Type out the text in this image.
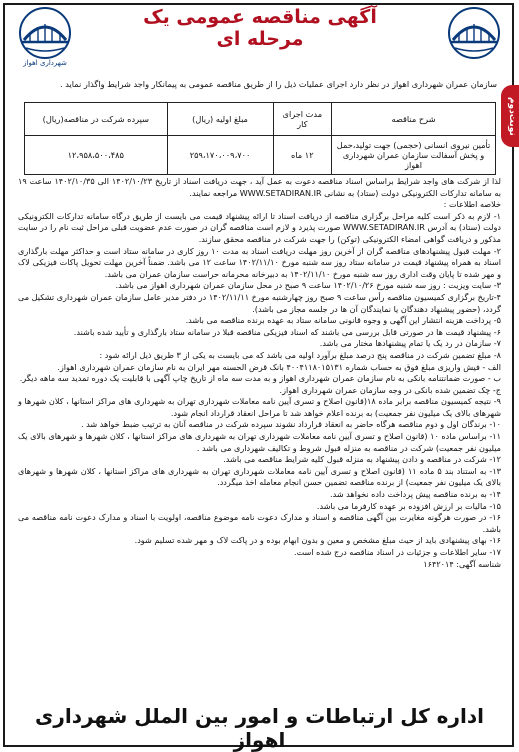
شهرداری اهواز
آگهی مناقصه عمومی یک مرحله ای
نوبت‌دوم
سازمان عمران شهرداری اهواز در نظر دارد اجرای عملیات ذیل را از طریق مناقصه عمومی به پیمانکار واجد شرایط واگذار نماید .
شرح مناقصه	مدت اجرای کار	مبلغ اولیه (ریال)	سپرده شرکت در مناقصه(ریال)
تأمین نیروی انسانی (حجمی) جهت تولید،حمل و پخش آسفالت سازمان عمران شهرداری اهواز	۱۲ ماه	۲۵۹،۱۷۰،۰۰۹،۷۰۰	۱۲،۹۵۸،۵۰۰،۴۸۵

لذا از شرکت های واجد شرایط براساس اسناد مناقصه دعوت به عمل آید ، جهت دریافت اسناد از تاریخ ۱۴۰۲/۱۰/۲۳ الی ۱۴۰۲/۱۰/۳۵ ساعت ۱۹ به سامانه تدارکات الکترونیکی دولت (ستاد) به نشانی WWW.SETADIRAN.IR مراجعه نمایند.

خلاصه اطلاعات :

۱- لازم به ذکر است کلیه مراحل برگزاری مناقصه از دریافت اسناد تا ارائه پیشنهاد قیمت می بایست از طریق درگاه سامانه تدارکات الکترونیکی دولت (ستاد) به آدرس WWW.SETADIRAN.IR صورت پذیرد و لازم است مناقصه گران در صورت عدم عضویت قبلی مراحل ثبت نام را در سایت مذکور و دریافت گواهی امضاء الکترونیکی (توکن) را جهت شرکت در مناقصه محقق سازند.

۲- مهلت قبول پیشنهادهای مناقصه گران از آخرین روز مهلت دریافت اسناد به مدت ۱۰ روز کاری در سامانه ستاد است و حداکثر مهلت بارگذاری اسناد به همراه پیشنهاد قیمت در سامانه ستاد روز سه شنبه مورخ ۱۴۰۲/۱۱/۱۰ ساعت ۱۲ می باشد. ضمناً آخرین مهلت تحویل پاکات فیزیکی لاک و مهر شده تا پایان وقت اداری روز سه شنبه مورخ ۱۴۰۲/۱۱/۱۰ به دبیرخانه محرمانه حراست سازمان عمران می باشد.

۳- سایت ویزیت : روز سه شنبه مورخ ۱۴۰۲/۱۰/۲۶ ساعت ۹ صبح در محل سازمان عمران شهرداری اهواز می باشد.

۴-تاریخ برگزاری کمیسیون مناقصه رأس ساعت ۹ صبح روز چهارشنبه مورخ ۱۴۰۲/۱۱/۱۱ در دفتر مدیر عامل سازمان عمران شهرداری تشکیل می گردد، (حضور پیشنهاد دهندگان یا نمایندگان آن ها در جلسه مجاز می باشد).

۵- پرداخت هزینه انتشار این آگهی و وجوه قانونی سامانه ستاد به عهده برنده مناقصه می باشد.

۶- پیشنهاد قیمت ها در صورتی قابل بررسی می باشند که اسناد فیزیکی مناقصه قبلا در سامانه ستاد بارگذاری و تأیید شده باشند.

۷- سازمان در رد یک یا تمام پیشنهادها مختار می باشد.

۸- مبلغ تضمین شرکت در مناقصه پنج درصد مبلغ برآورد اولیه می باشد که می بایست به یکی از ۳ طریق ذیل ارائه شود :

الف - فیش واریزی مبلغ فوق به حساب شماره ۴۰۰۴۱۱۸۰۱۵۱۳۱ بانک قرض الحسنه مهر ایران به نام سازمان عمران شهرداری اهواز.

ب - صورت ضمانتنامه بانکی به نام سازمان عمران شهرداری اهواز و به مدت سه ماه از تاریخ چاپ آگهی با قابلیت یک دوره تمدید سه ماهه دیگر.

ج- چک تضمین شده بانکی در وجه سازمان عمران شهرداری اهواز.

۹- نتیجه کمیسیون مناقصه برابر ماده ۱۸(قانون اصلاح و تسری آیین نامه معاملات شهرداری تهران به شهرداری های مراکز استانها ، کلان شهرها و شهرهای بالای یک میلیون نفر جمعیت) به برنده اعلام خواهد شد تا مراحل انعقاد قرارداد انجام شود.

۱۰- برندگان اول و دوم مناقصه هرگاه حاضر به انعقاد قرارداد نشوند سپرده شرکت در مناقصه آنان به ترتیب ضبط خواهد شد .

۱۱- براساس ماده ۱۰ (قانون اصلاح و تسری آیین نامه معاملات شهرداری تهران به شهرداری های مراکز استانها ، کلان شهرها و شهرهای بالای یک میلیون نفر جمعیت) شرکت در مناقصه به منزله قبول شروط و تکالیف شهرداری می باشد .

۱۲- شرکت در مناقصه و دادن پیشنهاد به منزله قبول کلیه شرایط مناقصه می باشد.

۱۳- به استناد بند ۵ ماده ۱۱ (قانون اصلاح و تسری آیین نامه معاملات شهرداری تهران به شهرداری های مراکز استانها ، کلان شهرها و شهرهای بالای یک میلیون نفر جمعیت) از برنده مناقصه تضمین حسن انجام معامله اخذ میگردد.

۱۴- به برنده مناقصه پیش پرداخت داده نخواهد شد.

۱۵- مالیات بر ارزش افزوده بر عهده کارفرما می باشد.

۱۶- در صورت هرگونه مغایرت بین آگهی مناقصه و اسناد و مدارک دعوت نامه موضوع مناقصه، اولویت با اسناد و مدارک دعوت نامه مناقصه می باشد.

۱۶- بهای پیشنهادی باید از حیث مبلغ مشخص و معین و بدون ابهام بوده و در پاکت لاک و مهر شده تسلیم شود.

۱۷- سایر اطلاعات و جزئیات در اسناد مناقصه درج شده است.

شناسه آگهی: ۱۶۴۲۰۱۴

اداره کل ارتباطات و امور بین الملل شهرداری اهواز
